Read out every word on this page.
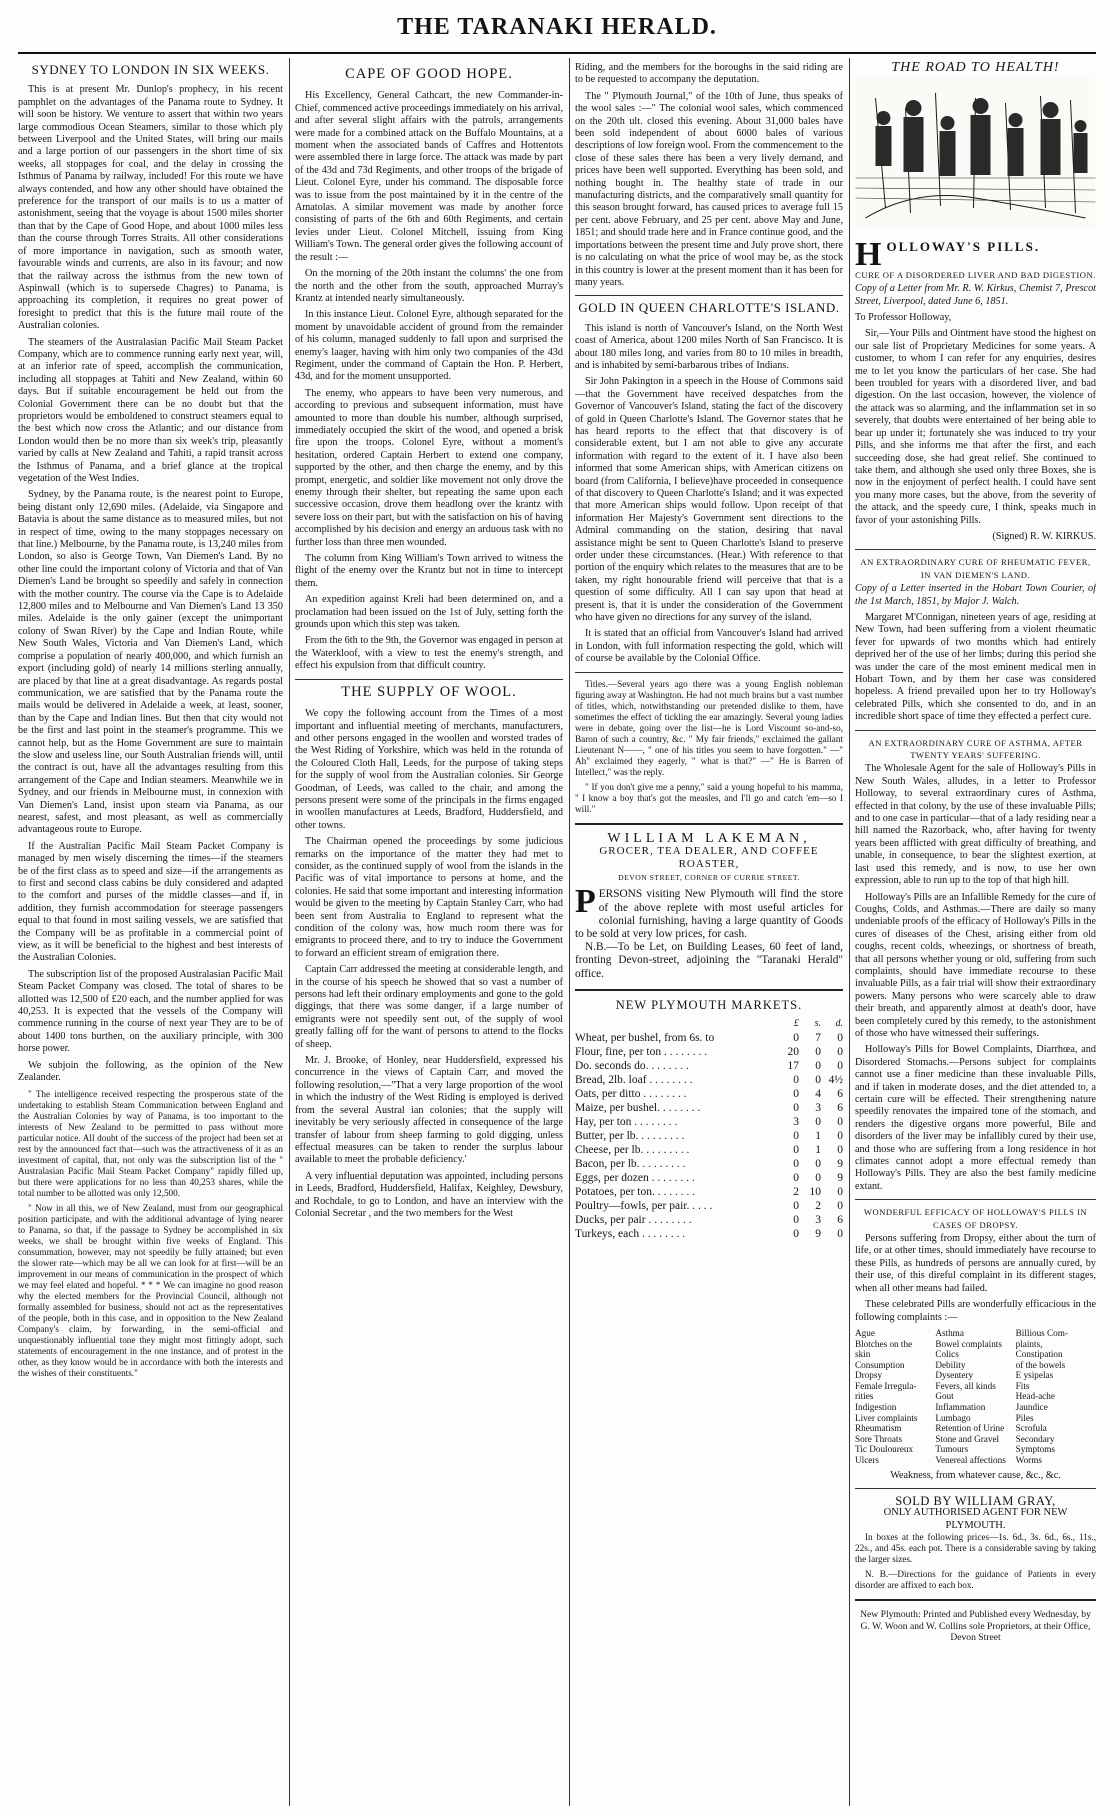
THE TARANAKI HERALD.
SYDNEY TO LONDON IN SIX WEEKS.

This is at present Mr. Dunlop's prophecy, in his recent pamphlet on the advantages of the Panama route to Sydney. It will soon be history. We venture to assert that within two years large commodious Ocean Steamers, similar to those which ply between Liverpool and the United States, will bring our mails and a large portion of our passengers in the short time of six weeks, all stoppages for coal, and the delay in crossing the Isthmus of Panama by railway, included! For this route we have always contended, and how any other should have obtained the preference for the transport of our mails is to us a matter of astonishment, seeing that the voyage is about 1500 miles shorter than that by the Cape of Good Hope, and about 1000 miles less than the course through Torres Straits. All other considerations of more importance in navigation, such as smooth water, favourable winds and currents, are also in its favour; and now that the railway across the isthmus from the new town of Aspinwall (which is to supersede Chagres) to Panama, is approaching its completion, it requires no great power of foresight to predict that this is the future mail route of the Australian colonies.

The steamers of the Australasian Pacific Mail Steam Packet Company, which are to commence running early next year, will, at an inferior rate of speed, accomplish the communication, including all stoppages at Tahiti and New Zealand, within 60 days. But if suitable encouragement be held out from the Colonial Government there can be no doubt but that the proprietors would be emboldened to construct steamers equal to the best which now cross the Atlantic; and our distance from London would then be no more than six week's trip, pleasantly varied by calls at New Zealand and Tahiti, a rapid transit across the Isthmus of Panama, and a brief glance at the tropical vegetation of the West Indies.

Sydney, by the Panama route, is the nearest point to Europe, being distant only 12,690 miles. (Adelaide, via Singapore and Batavia is about the same distance as to measured miles, but not in respect of time, owing to the many stoppages necessary on that line.) Melbourne, by the Panama route, is 13,240 miles from London, so also is George Town, Van Diemen's Land. By no other line could the important colony of Victoria and that of Van Diemen's Land be brought so speedily and safely in connection with the mother country. The course via the Cape is to Adelaide 12,800 miles and to Melbourne and Van Diemen's Land 13 350 miles. Adelaide is the only gainer (except the unimportant colony of Swan River) by the Cape and Indian Route, while New South Wales, Victoria and Van Diemen's Land, which comprise a population of nearly 400,000, and which furnish an export (including gold) of nearly 14 millions sterling annually, are placed by that line at a great disadvantage. As regards postal communication, we are satisfied that by the Panama route the mails would be delivered in Adelaide a week, at least, sooner, than by the Cape and Indian lines. But then that city would not be the first and last point in the steamer's programme. This we cannot help, but as the Home Government are sure to maintain the slow and useless line, our South Australian friends will, until the contract is out, have all the advantages resulting from this arrangement of the Cape and Indian steamers. Meanwhile we in Sydney, and our friends in Melbourne must, in connexion with Van Diemen's Land, insist upon steam via Panama, as our nearest, safest, and most pleasant, as well as commercially advantageous route to Europe.

If the Australian Pacific Mail Steam Packet Company is managed by men wisely discerning the times—if the steamers be of the first class as to speed and size—if the arrangements as to first and second class cabins be duly considered and adapted to the comfort and purses of the middle classes—and if, in addition, they furnish accommodation for steerage passengers equal to that found in most sailing vessels, we are satisfied that the Company will be as profitable in a commercial point of view, as it will be beneficial to the highest and best interests of the Australian Colonies.

The subscription list of the proposed Australasian Pacific Mail Steam Packet Company was closed. The total of shares to be allotted was 12,500 of £20 each, and the number applied for was 40,253. It is expected that the vessels of the Company will commence running in the course of next year They are to be of about 1400 tons burthen, on the auxiliary principle, with 300 horse power.

We subjoin the following, as the opinion of the New Zealander.

" The intelligence received respecting the prosperous state of the undertaking to establish Steam Communication between England and the Australian Colonies by way of Panama, is too important to the interests of New Zealand to be permitted to pass without more particular notice. All doubt of the success of the project had been set at rest by the announced fact that—such was the attractiveness of it as an investment of capital, that, not only was the subscription list of the " Australasian Pacific Mail Steam Packet Company" rapidly filled up, but there were applications for no less than 40,253 shares, while the total number to be allotted was only 12,500.

" Now in all this, we of New Zealand, must from our geographical position participate, and with the additional advantage of lying nearer to Panama, so that, if the passage to Sydney be accomplished in six weeks, we shall be brought within five weeks of England. This consummation, however, may not speedily be fully attained; but even the slower rate—which may be all we can look for at first—will be an improvement in our means of communication in the prospect of which we may feel elated and hopeful. * * * We can imagine no good reason why the elected members for the Provincial Council, although not formally assembled for business, should not act as the representatives of the people, both in this case, and in opposition to the New Zealand Company's claim, by forwarding, in the semi-official and unquestionably influential tone they might most fittingly adopt, such statements of encouragement in the one instance, and of protest in the other, as they know would be in accordance with both the interests and the wishes of their constituents."

CAPE OF GOOD HOPE.

His Excellency, General Cathcart, the new Commander-in-Chief, commenced active proceedings immediately on his arrival, and after several slight affairs with the patrols, arrangements were made for a combined attack on the Buffalo Mountains, at a moment when the associated bands of Caffres and Hottentots were assembled there in large force. The attack was made by part of the 43d and 73d Regiments, and other troops of the brigade of Lieut. Colonel Eyre, under his command. The disposable force was to issue from the post maintained by it in the centre of the Amatolas. A similar movement was made by another force consisting of parts of the 6th and 60th Regiments, and certain levies under Lieut. Colonel Mitchell, issuing from King William's Town. The general order gives the following account of the result :—

On the morning of the 20th instant the columns' the one from the north and the other from the south, approached Murray's Krantz at intended nearly simultaneously.

In this instance Lieut. Colonel Eyre, although separated for the moment by unavoidable accident of ground from the remainder of his column, managed suddenly to fall upon and surprised the enemy's laager, having with him only two companies of the 43d Regiment, under the command of Captain the Hon. P. Herbert, 43d, and for the moment unsupported.

The enemy, who appears to have been very numerous, and according to previous and subsequent information, must have amounted to more than double his number, although surprised, immediately occupied the skirt of the wood, and opened a brisk fire upon the troops. Colonel Eyre, without a moment's hesitation, ordered Captain Herbert to extend one company, supported by the other, and then charge the enemy, and by this prompt, energetic, and soldier like movement not only drove the enemy through their shelter, but repeating the same upon each successive occasion, drove them headlong over the krantz with severe loss on their part, but with the satisfaction on his of having accomplished by his decision and energy an arduous task with no further loss than three men wounded.

The column from King William's Town arrived to witness the flight of the enemy over the Krantz but not in time to intercept them.

An expedition against Kreli had been determined on, and a proclamation had been issued on the 1st of July, setting forth the grounds upon which this step was taken.

From the 6th to the 9th, the Governor was engaged in person at the Waterkloof, with a view to test the enemy's strength, and effect his expulsion from that difficult country.

THE SUPPLY OF WOOL.

We copy the following account from the Times of a most important and influential meeting of merchants, manufacturers, and other persons engaged in the woollen and worsted trades of the West Riding of Yorkshire, which was held in the rotunda of the Coloured Cloth Hall, Leeds, for the purpose of taking steps for the supply of wool from the Australian colonies. Sir George Goodman, of Leeds, was called to the chair, and among the persons present were some of the principals in the firms engaged in woollen manufactures at Leeds, Bradford, Huddersfield, and other towns.

The Chairman opened the proceedings by some judicious remarks on the importance of the matter they had met to consider, as the continued supply of wool from the islands in the Pacific was of vital importance to persons at home, and the colonies. He said that some important and interesting information would be given to the meeting by Captain Stanley Carr, who had been sent from Australia to England to represent what the condition of the colony was, how much room there was for emigrants to proceed there, and to try to induce the Government to forward an efficient stream of emigration there.

Captain Carr addressed the meeting at considerable length, and in the course of his speech he showed that so vast a number of persons had left their ordinary employments and gone to the gold diggings, that there was some danger, if a large number of emigrants were not speedily sent out, of the supply of wool greatly falling off for the want of persons to attend to the flocks of sheep.

Mr. J. Brooke, of Honley, near Huddersfield, expressed his concurrence in the views of Captain Carr, and moved the following resolution,—"That a very large proportion of the wool in which the industry of the West Riding is employed is derived from the several Austral ian colonies; that the supply will inevitably be very seriously affected in consequence of the large transfer of labour from sheep farming to gold digging, unless effectual measures can be taken to render the surplus labour available to meet the probable deficiency.'

A very influential deputation was appointed, including persons in Leeds, Bradford, Huddersfield, Halifax, Keighley, Dewsbury, and Rochdale, to go to London, and have an interview with the Colonial Secretar , and the two members for the West

Riding, and the members for the boroughs in the said riding are to be requested to accompany the deputation.

The " Plymouth Journal," of the 10th of June, thus speaks of the wool sales :—" The colonial wool sales, which commenced on the 20th ult. closed this evening. About 31,000 bales have been sold independent of about 6000 bales of various descriptions of low foreign wool. From the commencement to the close of these sales there has been a very lively demand, and prices have been well supported. Everything has been sold, and nothing bought in. The healthy state of trade in our manufacturing districts, and the comparatively small quantity for this season brought forward, has caused prices to average full 15 per cent. above February, and 25 per cent. above May and June, 1851; and should trade here and in France continue good, and the importations between the present time and July prove short, there is no calculating on what the price of wool may be, as the stock in this country is lower at the present moment than it has been for many years.

GOLD IN QUEEN CHARLOTTE'S ISLAND.

This island is north of Vancouver's Island, on the North West coast of America, about 1200 miles North of San Francisco. It is about 180 miles long, and varies from 80 to 10 miles in breadth, and is inhabited by semi-barbarous tribes of Indians.

Sir John Pakington in a speech in the House of Commons said—that the Government have received despatches from the Governor of Vancouver's Island, stating the fact of the discovery of gold in Queen Charlotte's Island. The Governor states that he has heard reports to the effect that that discovery is of considerable extent, but I am not able to give any accurate information with regard to the extent of it. I have also been informed that some American ships, with American citizens on board (from California, I believe)have proceeded in consequence of that discovery to Queen Charlotte's Island; and it was expected that more American ships would follow. Upon receipt of that information Her Majesty's Government sent directions to the Admiral commanding on the station, desiring that naval assistance might be sent to Queen Charlotte's Island to preserve order under these circumstances. (Hear.) With reference to that portion of the enquiry which relates to the measures that are to be taken, my right honourable friend will perceive that that is a question of some difficulty. All I can say upon that head at present is, that it is under the consideration of the Government who have given no directions for any survey of the island.

It is stated that an official from Vancouver's Island had arrived in London, with full information respecting the gold, which will of course be available by the Colonial Office.

Titles.—Several years ago there was a young English nobleman figuring away at Washington. He had not much brains but a vast number of titles, which, notwithstanding our pretended dislike to them, have sometimes the effect of tickling the ear amazingly. Several young ladies were in debate, going over the list—he is Lord Viscount so-and-so, Baron of such a country, &c. " My fair friends," exclaimed the gallant Lieutenant N——, " one of his titles you seem to have forgotten." —" Ah" exclaimed they eagerly, " what is that?" —" He is Barren of Intellect," was the reply.

" If you don't give me a penny," said a young hopeful to his mamma, " I know a boy that's got the measles, and I'll go and catch 'em—so I will."

WILLIAM LAKEMAN,
GROCER, TEA DEALER, AND COFFEE
ROASTER,
DEVON STREET, CORNER OF CURRIE STREET.
P ERSONS visiting New Plymouth will find the store of the above replete with most useful articles for colonial furnishing, having a large quantity of Goods to be sold at very low prices, for cash.

N.B.—To be Let, on Building Leases, 60 feet of land, fronting Devon-street, adjoining the "Taranaki Herald" office.

NEW PLYMOUTH MARKETS.
	£	s.	d.
Wheat, per bushel, from 6s. to	0	7	0
Flour, fine, per ton . . . . . . . .	20	0	0
Do. seconds do. . . . . . . .	17	0	0
Bread, 2lb. loaf . . . . . . . .	0	0	4½
Oats, per ditto . . . . . . . .	0	4	6
Maize, per bushel. . . . . . . .	0	3	6
Hay, per ton . . . . . . . .	3	0	0
Butter, per lb. . . . . . . . .	0	1	0
Cheese, per lb. . . . . . . . .	0	1	0
Bacon, per lb. . . . . . . . .	0	0	9
Eggs, per dozen . . . . . . . .	0	0	9
Potatoes, per ton. . . . . . . .	2	10	0
Poultry—fowls, per pair. . . . .	0	2	0
Ducks, per pair . . . . . . . .	0	3	6
Turkeys, each . . . . . . . .	0	9	0
THE ROAD TO HEALTH!
H OLLOWAY'S PILLS.
CURE OF A DISORDERED LIVER AND BAD DIGESTION.

Copy of a Letter from Mr. R. W. Kirkus, Chemist 7, Prescot Street, Liverpool, dated June 6, 1851.

To Professor Holloway,

Sir,—Your Pills and Ointment have stood the highest on our sale list of Proprietary Medicines for some years. A customer, to whom I can refer for any enquiries, desires me to let you know the particulars of her case. She had been troubled for years with a disordered liver, and bad digestion. On the last occasion, however, the violence of the attack was so alarming, and the inflammation set in so severely, that doubts were entertained of her being able to bear up under it; fortunately she was induced to try your Pills, and she informs me that after the first, and each succeeding dose, she had great relief. She continued to take them, and although she used only three Boxes, she is now in the enjoyment of perfect health. I could have sent you many more cases, but the above, from the severity of the attack, and the speedy cure, I think, speaks much in favor of your astonishing Pills.

(Signed) R. W. KIRKUS.

AN EXTRAORDINARY CURE OF RHEUMATIC FEVER, IN VAN DIEMEN'S LAND.

Copy of a Letter inserted in the Hobart Town Courier, of the 1st March, 1851, by Major J. Walch.

Margaret M'Connigan, nineteen years of age, residing at New Town, had been suffering from a violent rheumatic fever for upwards of two months which had entirely deprived her of the use of her limbs; during this period she was under the care of the most eminent medical men in Hobart Town, and by them her case was considered hopeless. A friend prevailed upon her to try Holloway's celebrated Pills, which she consented to do, and in an incredible short space of time they effected a perfect cure.

AN EXTRAORDINARY CURE OF ASTHMA, AFTER TWENTY YEARS' SUFFERING.

The Wholesale Agent for the sale of Holloway's Pills in New South Wales, alludes, in a letter to Professor Holloway, to several extraordinary cures of Asthma, effected in that colony, by the use of these invaluable Pills; and to one case in particular—that of a lady residing near a hill named the Razorback, who, after having for twenty years been afflicted with great difficulty of breathing, and unable, in consequence, to bear the slightest exertion, at last used this remedy, and is now, to use her own expression, able to run up to the top of that high hill.

Holloway's Pills are an Infallible Remedy for the cure of Coughs, Colds, and Asthmas.—There are daily so many undeniable proofs of the efficacy of Holloway's Pills in the cures of diseases of the Chest, arising either from old coughs, recent colds, wheezings, or shortness of breath, that all persons whether young or old, suffering from such complaints, should have immediate recourse to these invaluable Pills, as a fair trial will show their extraordinary powers. Many persons who were scarcely able to draw their breath, and apparently almost at death's door, have been completely cured by this remedy, to the astonishment of those who have witnessed their sufferings.

Holloway's Pills for Bowel Complaints, Diarrhœa, and Disordered Stomachs.—Persons subject for complaints cannot use a finer medicine than these invaluable Pills, and if taken in moderate doses, and the diet attended to, a certain cure will be effected. Their strengthening nature speedily renovates the impaired tone of the stomach, and renders the digestive organs more powerful, Bile and disorders of the liver may be infallibly cured by their use, and those who are suffering from a long residence in hot climates cannot adopt a more effectual remedy than Holloway's Pills. They are also the best family medicine extant.

WONDERFUL EFFICACY OF HOLLOWAY'S PILLS IN CASES OF DROPSY.

Persons suffering from Dropsy, either about the turn of life, or at other times, should immediately have recourse to these Pills, as hundreds of persons are annually cured, by their use, of this direful complaint in its different stages, when all other means had failed.

These celebrated Pills are wonderfully efficacious in the following complaints :—

Ague	Asthma	Billious Com-
Blotches on the	Bowel complaints	plaints,
skin	Colics	Constipation
Consumption	Debility	of the bowels
Dropsy	Dysentery	E ysipelas
Female Irregula-	Fevers, all kinds	Fits
rities	Gout	Head-ache
Indigestion	Inflammation	Jaundice
Liver complaints	Lumbago	Piles
Rheumatism	Retention of Urine	Scrofula
Sore Throats	Stone and Gravel	Secondary
Tic Douloureux	Tumours	Symptoms
Ulcers	Venereal affections	Worms

Weakness, from whatever cause, &c., &c.

SOLD BY WILLIAM GRAY,
ONLY AUTHORISED AGENT FOR NEW PLYMOUTH.

In boxes at the following prices—1s. 6d., 3s. 6d., 6s., 11s., 22s., and 45s. each pot. There is a considerable saving by taking the larger sizes.

N. B.—Directions for the guidance of Patients in every disorder are affixed to each box.

New Plymouth: Printed and Published every Wednesday, by G. W. Woon and W. Collins sole Proprietors, at their Office, Devon Street
